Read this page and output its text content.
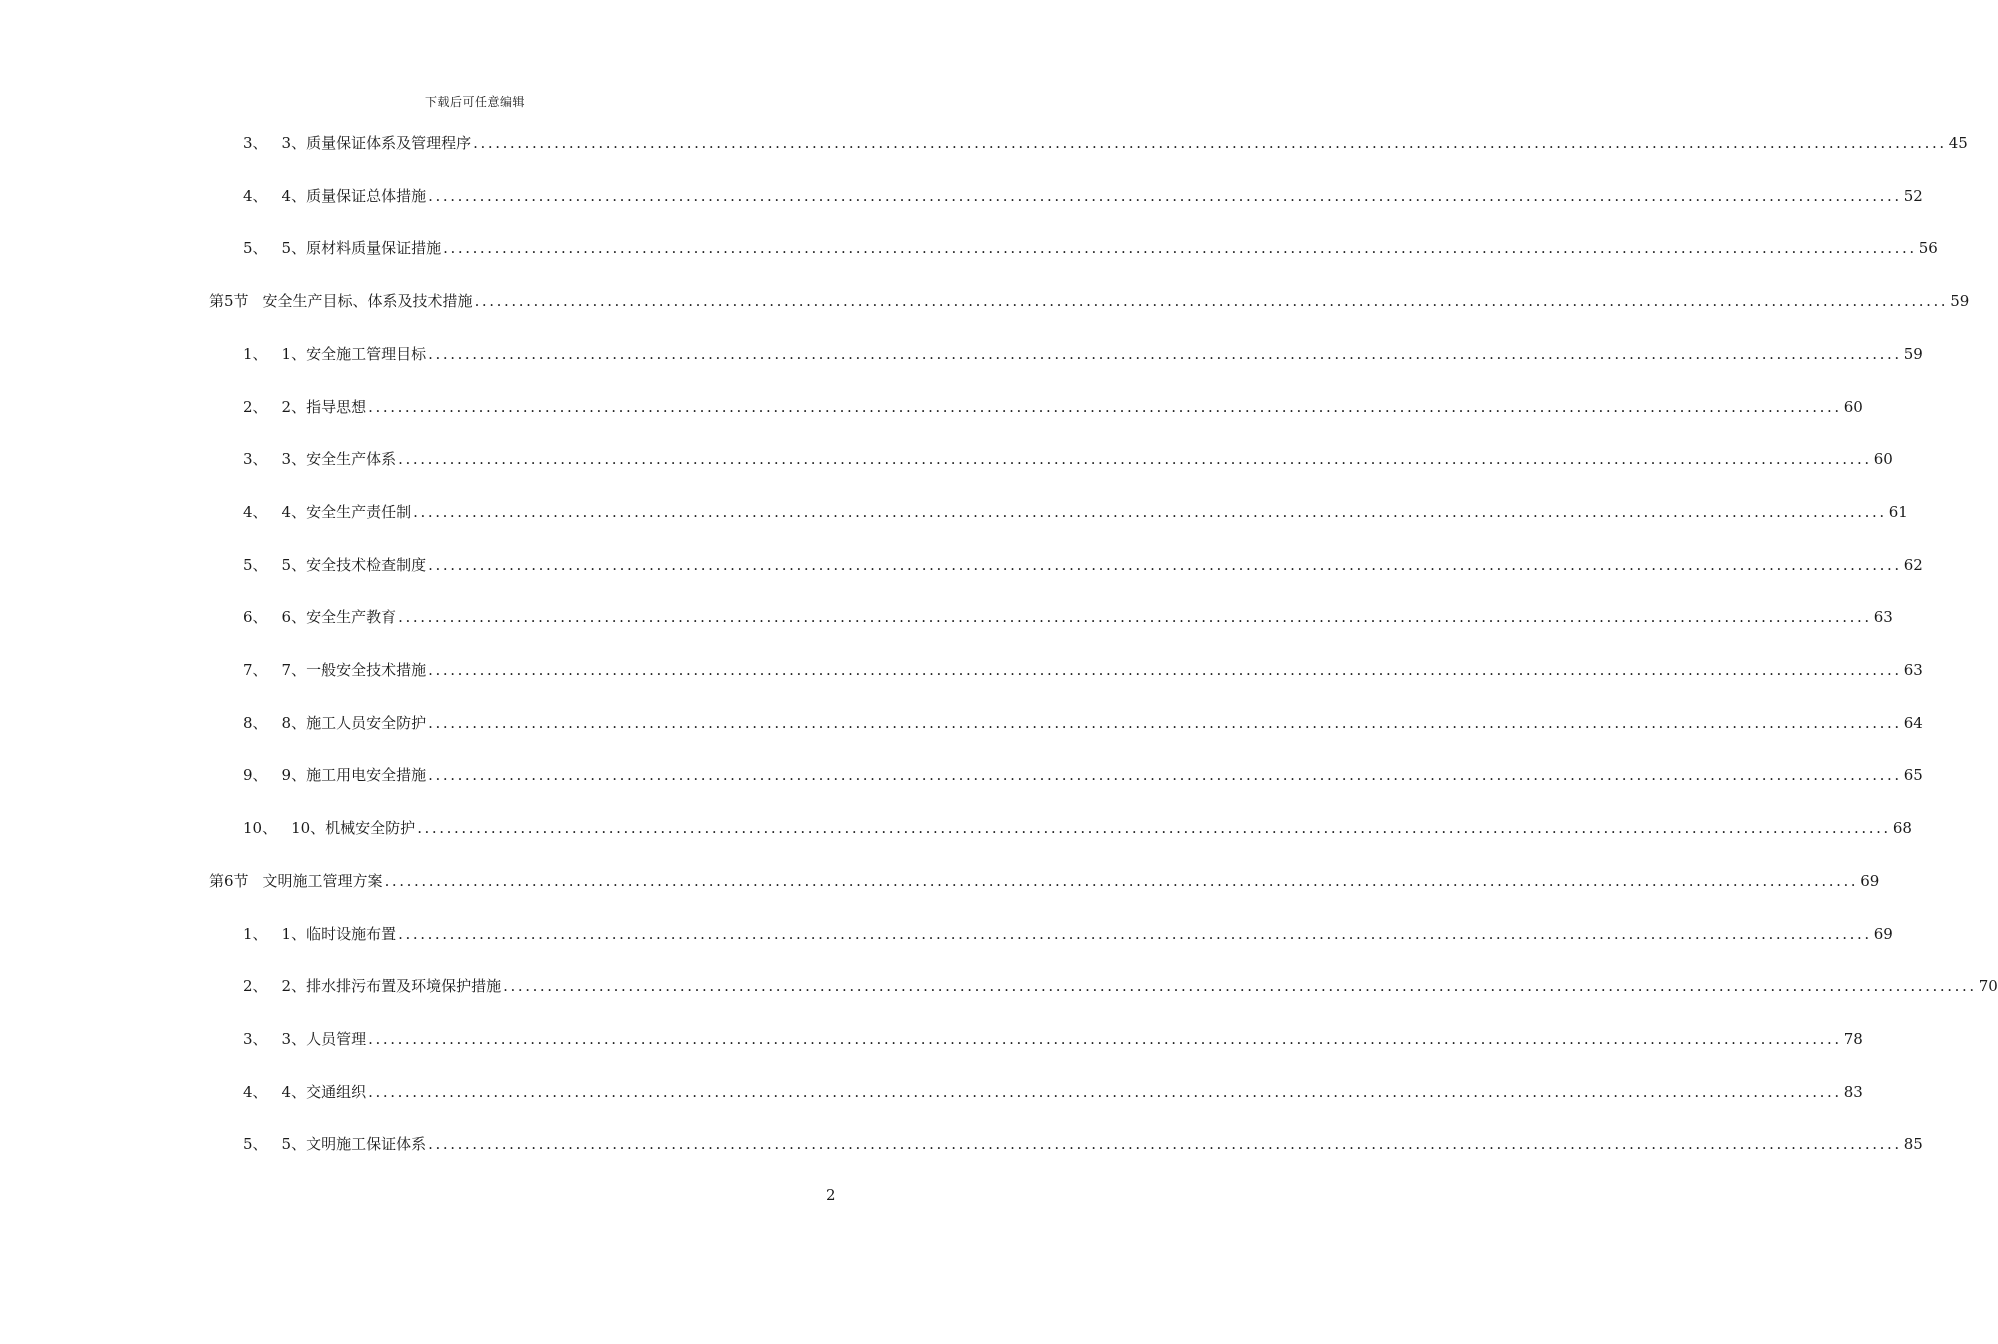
下载后可任意编辑
3、 3、质量保证体系及管理程序 ........................................................................................................................................................................................................ 45
4、 4、质量保证总体措施 ........................................................................................................................................................................................................ 52
5、 5、原材料质量保证措施 ........................................................................................................................................................................................................ 56
第5节 安全生产目标、体系及技术措施 ........................................................................................................................................................................................................ 59
1、 1、安全施工管理目标 ........................................................................................................................................................................................................ 59
2、 2、指导思想 ........................................................................................................................................................................................................ 60
3、 3、安全生产体系 ........................................................................................................................................................................................................ 60
4、 4、安全生产责任制 ........................................................................................................................................................................................................ 61
5、 5、安全技术检查制度 ........................................................................................................................................................................................................ 62
6、 6、安全生产教育 ........................................................................................................................................................................................................ 63
7、 7、一般安全技术措施 ........................................................................................................................................................................................................ 63
8、 8、施工人员安全防护 ........................................................................................................................................................................................................ 64
9、 9、施工用电安全措施 ........................................................................................................................................................................................................ 65
10、 10、机械安全防护 ........................................................................................................................................................................................................ 68
第6节 文明施工管理方案 ........................................................................................................................................................................................................ 69
1、 1、临时设施布置 ........................................................................................................................................................................................................ 69
2、 2、排水排污布置及环境保护措施 ........................................................................................................................................................................................................ 70
3、 3、人员管理 ........................................................................................................................................................................................................ 78
4、 4、交通组织 ........................................................................................................................................................................................................ 83
5、 5、文明施工保证体系 ........................................................................................................................................................................................................ 85
2
